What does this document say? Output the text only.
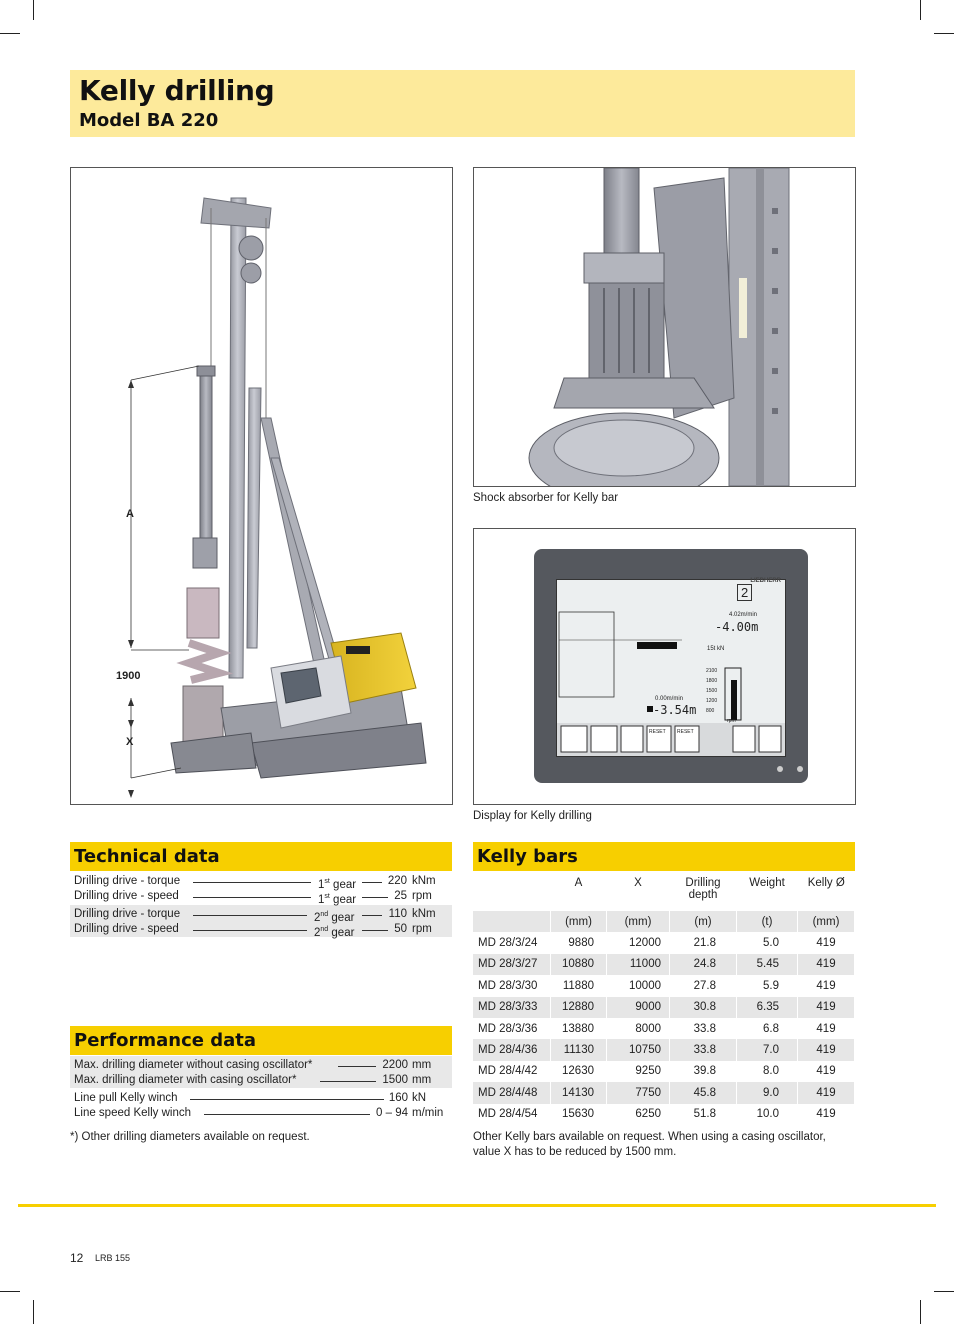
Kelly drilling
Model BA 220
A
1900
X
Shock absorber for Kelly bar
LIEBHERR
4.02m/min
-4.00m
15t kN
0.00m/min
-3.54m
2
2100
1800
1500
1200
800
rpm
RESET RESET
Display for Kelly drilling
Technical data
Drilling drive - torque	1st gear	220 kNm
Drilling drive - speed	1st gear	25 rpm
Drilling drive - torque	2nd gear	110 kNm
Drilling drive - speed	2nd gear	50 rpm
Performance data
Max. drilling diameter without casing oscillator*	2200 mm
Max. drilling diameter with casing oscillator*	1500 mm
Line pull Kelly winch	160 kN
Line speed Kelly winch	0 – 94 m/min
*) Other drilling diameters available on request.
Kelly bars
	A	X	Drilling depth	Weight	Kelly Ø
	(mm)	(mm)	(m)	(t)	(mm)
MD 28/3/24	9880	12000	21.8	5.0	419
MD 28/3/27	10880	11000	24.8	5.45	419
MD 28/3/30	11880	10000	27.8	5.9	419
MD 28/3/33	12880	9000	30.8	6.35	419
MD 28/3/36	13880	8000	33.8	6.8	419
MD 28/4/36	11130	10750	33.8	7.0	419
MD 28/4/42	12630	9250	39.8	8.0	419
MD 28/4/48	14130	7750	45.8	9.0	419
MD 28/4/54	15630	6250	51.8	10.0	419
Other Kelly bars available on request. When using a casing oscillator, value X has to be reduced by 1500 mm.
12 LRB 155
